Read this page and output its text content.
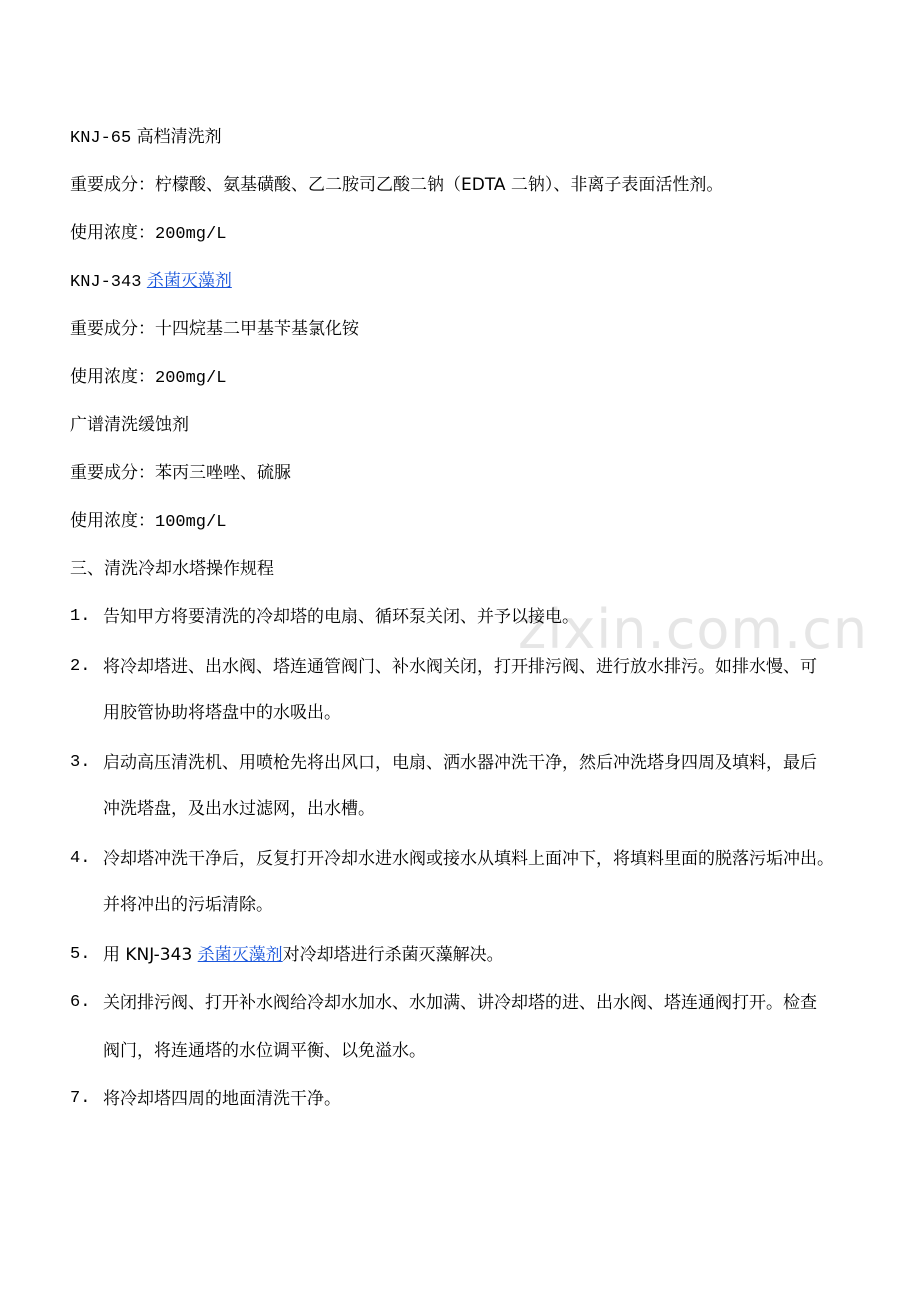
zixin.com.cn
KNJ-65 高档清洗剂
重要成分：柠檬酸、氨基磺酸、乙二胺司乙酸二钠（EDTA 二钠）、非离子表面活性剂。
使用浓度：200mg/L
KNJ-343 杀菌灭藻剂
重要成分：十四烷基二甲基苄基氯化铵
使用浓度：200mg/L
广谱清洗缓蚀剂
重要成分：苯丙三唑唑、硫脲
使用浓度：100mg/L
三、清洗冷却水塔操作规程
1. 告知甲方将要清洗的冷却塔的电扇、循环泵关闭、并予以接电。
2. 将冷却塔进、出水阀、塔连通管阀门、补水阀关闭，打开排污阀、进行放水排污。如排水慢、可
用胶管协助将塔盘中的水吸出。
3. 启动高压清洗机、用喷枪先将出风口，电扇、洒水器冲洗干净，然后冲洗塔身四周及填料，最后
冲洗塔盘，及出水过滤网，出水槽。
4. 冷却塔冲洗干净后，反复打开冷却水进水阀或接水从填料上面冲下，将填料里面的脱落污垢冲出。
并将冲出的污垢清除。
5. 用 KNJ-343 杀菌灭藻剂对冷却塔进行杀菌灭藻解决。
6. 关闭排污阀、打开补水阀给冷却水加水、水加满、讲冷却塔的进、出水阀、塔连通阀打开。检查
阀门，将连通塔的水位调平衡、以免溢水。
7. 将冷却塔四周的地面清洗干净。
